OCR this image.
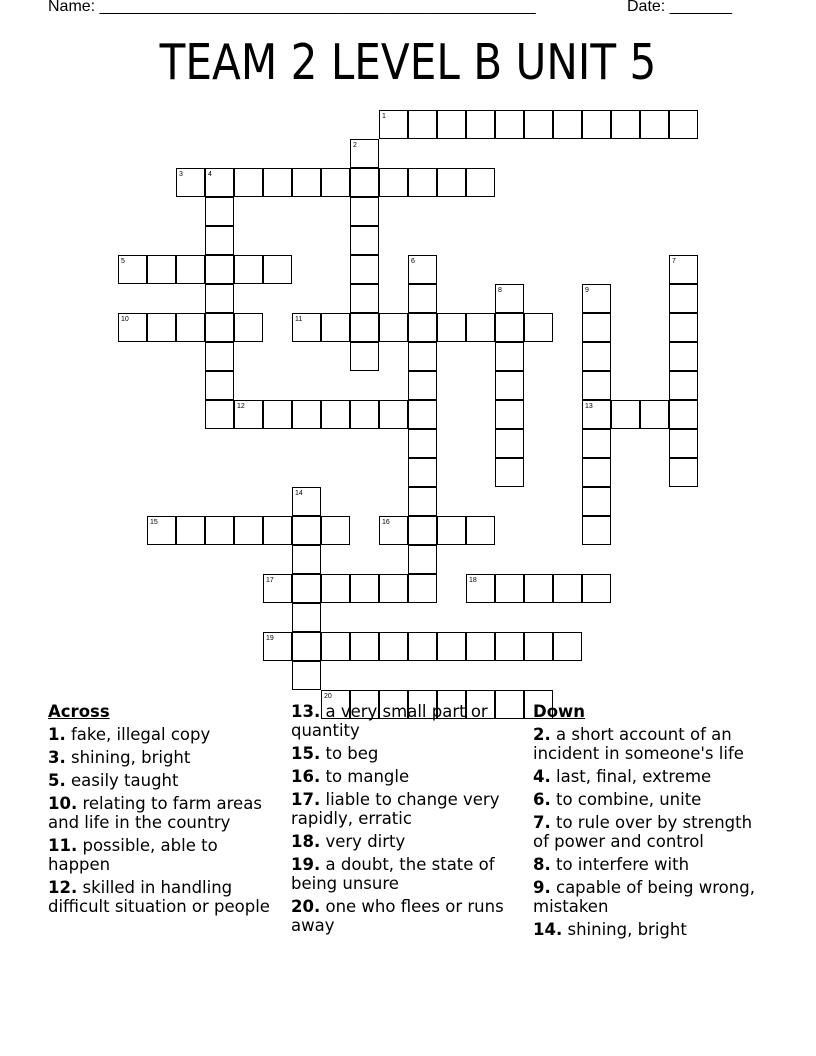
Name: _________________________________________________	Date: _______
TEAM 2 LEVEL B UNIT 5
1
2
3	4
5	6	7
8	9
13
10	11
12
14
15	16
17	18
19
20
Across
1. fake, illegal copy
3. shining, bright
5. easily taught
10. relating to farm areas and life in the country
11. possible, able to happen
12. skilled in handling difficult situation or people
13. a very small part or quantity
15. to beg
16. to mangle
17. liable to change very rapidly, erratic
18. very dirty
19. a doubt, the state of being unsure
20. one who flees or runs away
Down
2. a short account of an incident in someone's life
4. last, final, extreme
6. to combine, unite
7. to rule over by strength of power and control
8. to interfere with
9. capable of being wrong, mistaken
14. shining, bright
